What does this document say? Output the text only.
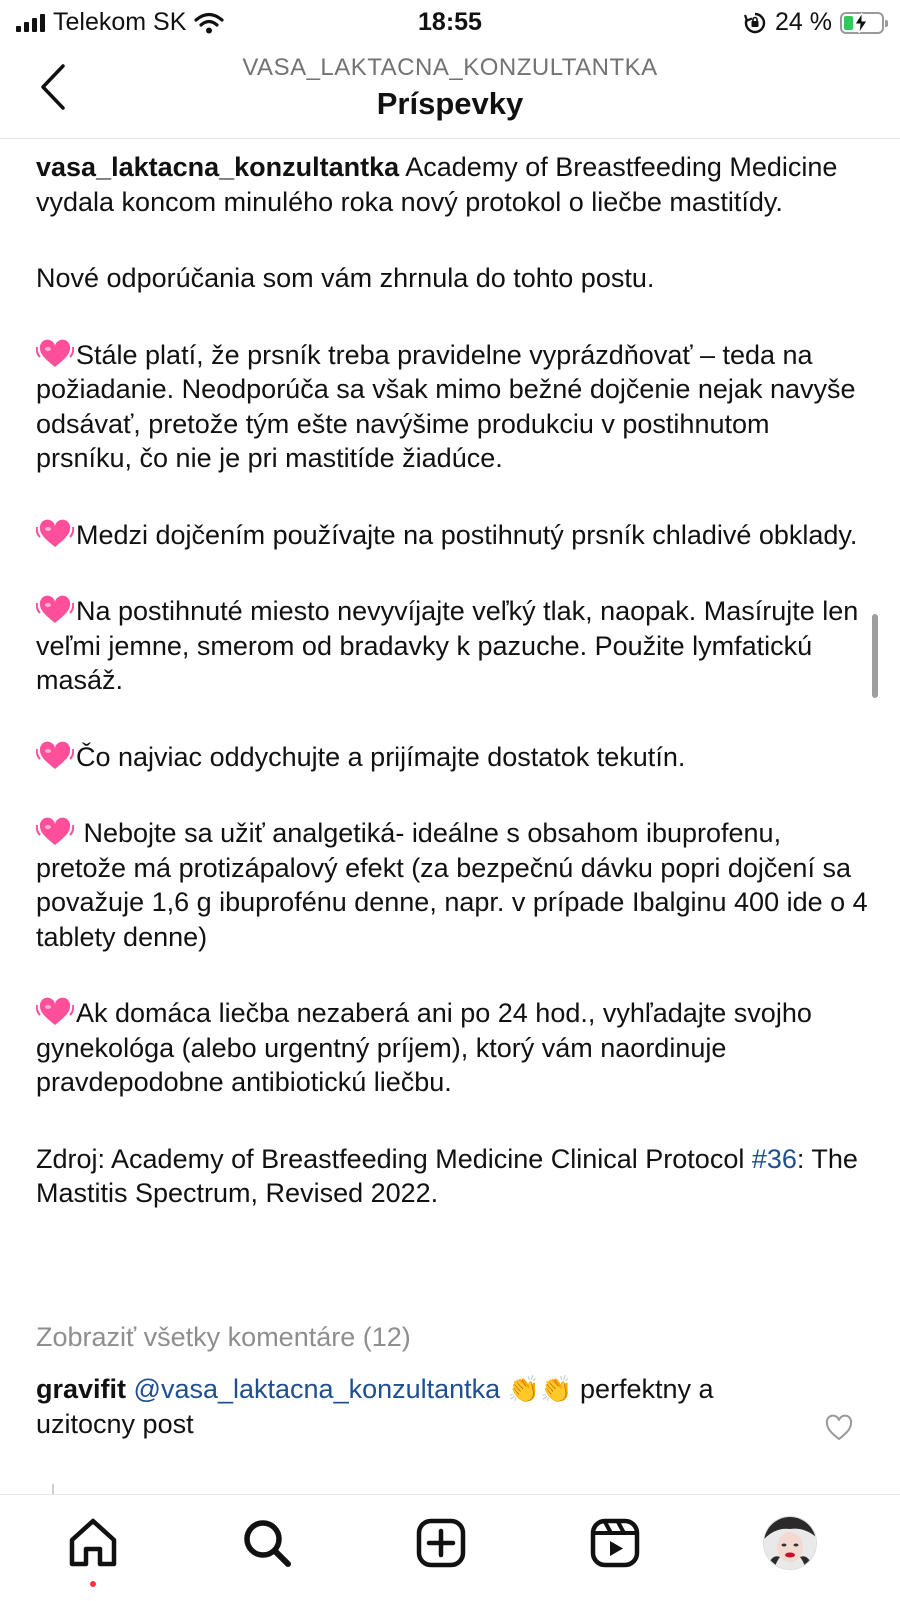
Telekom SK	18:55	24 %
VASA_LAKTACNA_KONZULTANTKA
Príspevky

vasa_laktacna_konzultantka Academy of Breastfeeding Medicine vydala koncom minulého roka nový protokol o liečbe mastitídy.

Nové odporúčania som vám zhrnula do tohto postu.

Stále platí, že prsník treba pravidelne vyprázdňovať – teda na požiadanie. Neodporúča sa však mimo bežné dojčenie nejak navyše odsávať, pretože tým ešte navýšime produkciu v postihnutom prsníku, čo nie je pri mastitíde žiadúce.

Medzi dojčením používajte na postihnutý prsník chladivé obklady.

Na postihnuté miesto nevyvíjajte veľký tlak, naopak. Masírujte len veľmi jemne, smerom od bradavky k pazuche. Použite lymfatickú masáž.

Čo najviac oddychujte a prijímajte dostatok tekutín.

Nebojte sa užiť analgetiká- ideálne s obsahom ibuprofenu, pretože má protizápalový efekt (za bezpečnú dávku popri dojčení sa považuje 1,6 g ibuprofénu denne, napr. v prípade Ibalginu 400 ide o 4 tablety denne)

Ak domáca liečba nezaberá ani po 24 hod., vyhľadajte svojho gynekológa (alebo urgentný príjem), ktorý vám naordinuje pravdepodobne antibiotickú liečbu.

Zdroj: Academy of Breastfeeding Medicine Clinical Protocol #36: The Mastitis Spectrum, Revised 2022.

Zobraziť všetky komentáre (12)
gravifit @vasa_laktacna_konzultantka 👏👏 perfektny a uzitocny post
